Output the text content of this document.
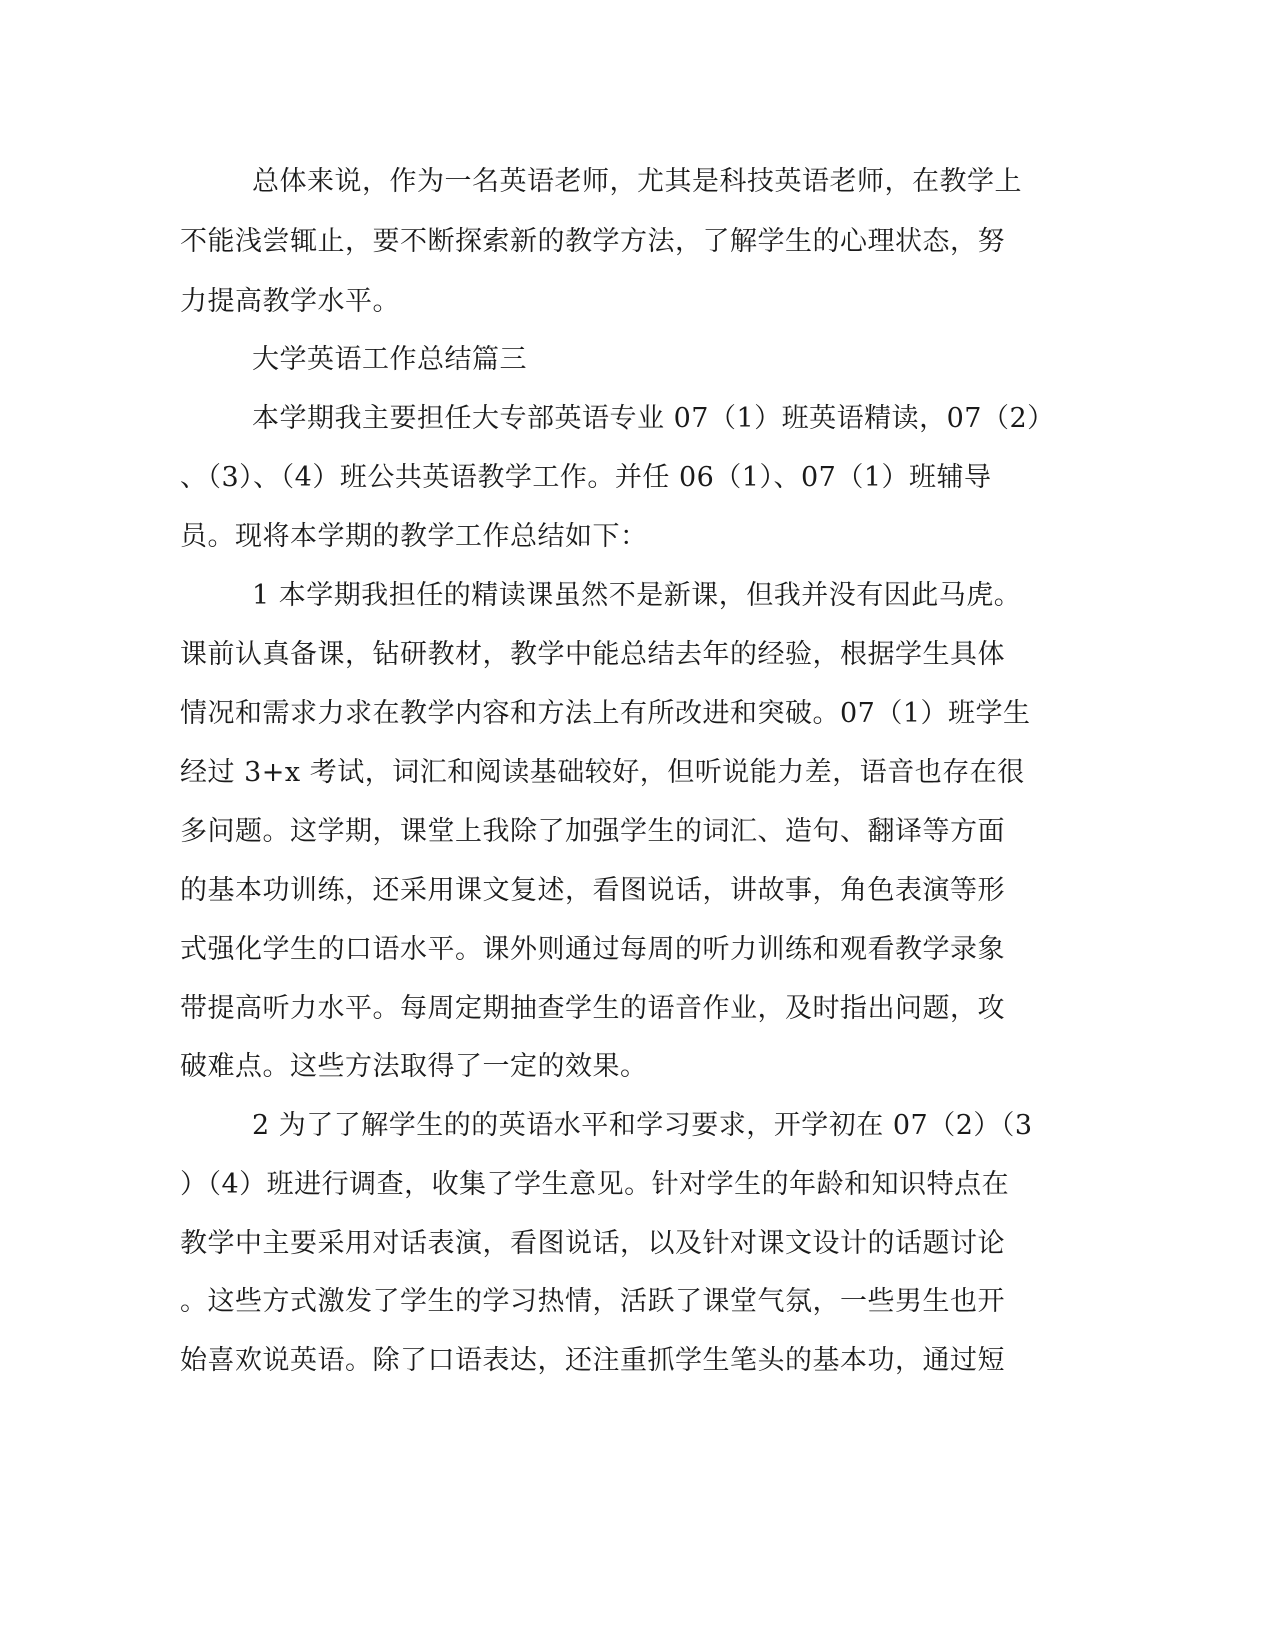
总体来说，作为一名英语老师，尤其是科技英语老师，在教学上
不能浅尝辄止，要不断探索新的教学方法，了解学生的心理状态，努
力提高教学水平。
大学英语工作总结篇三
本学期我主要担任大专部英语专业 07（1）班英语精读，07（2）
、（3）、（4）班公共英语教学工作。并任 06（1）、07（1）班辅导
员。现将本学期的教学工作总结如下：
1 本学期我担任的精读课虽然不是新课，但我并没有因此马虎。
课前认真备课，钻研教材，教学中能总结去年的经验，根据学生具体
情况和需求力求在教学内容和方法上有所改进和突破。07（1）班学生
经过 3+x 考试，词汇和阅读基础较好，但听说能力差，语音也存在很
多问题。这学期，课堂上我除了加强学生的词汇、造句、翻译等方面
的基本功训练，还采用课文复述，看图说话，讲故事，角色表演等形
式强化学生的口语水平。课外则通过每周的听力训练和观看教学录象
带提高听力水平。每周定期抽查学生的语音作业，及时指出问题，攻
破难点。这些方法取得了一定的效果。
2 为了了解学生的的英语水平和学习要求，开学初在 07（2）（3
）（4）班进行调查，收集了学生意见。针对学生的年龄和知识特点在
教学中主要采用对话表演，看图说话，以及针对课文设计的话题讨论
。这些方式激发了学生的学习热情，活跃了课堂气氛，一些男生也开
始喜欢说英语。除了口语表达，还注重抓学生笔头的基本功，通过短
